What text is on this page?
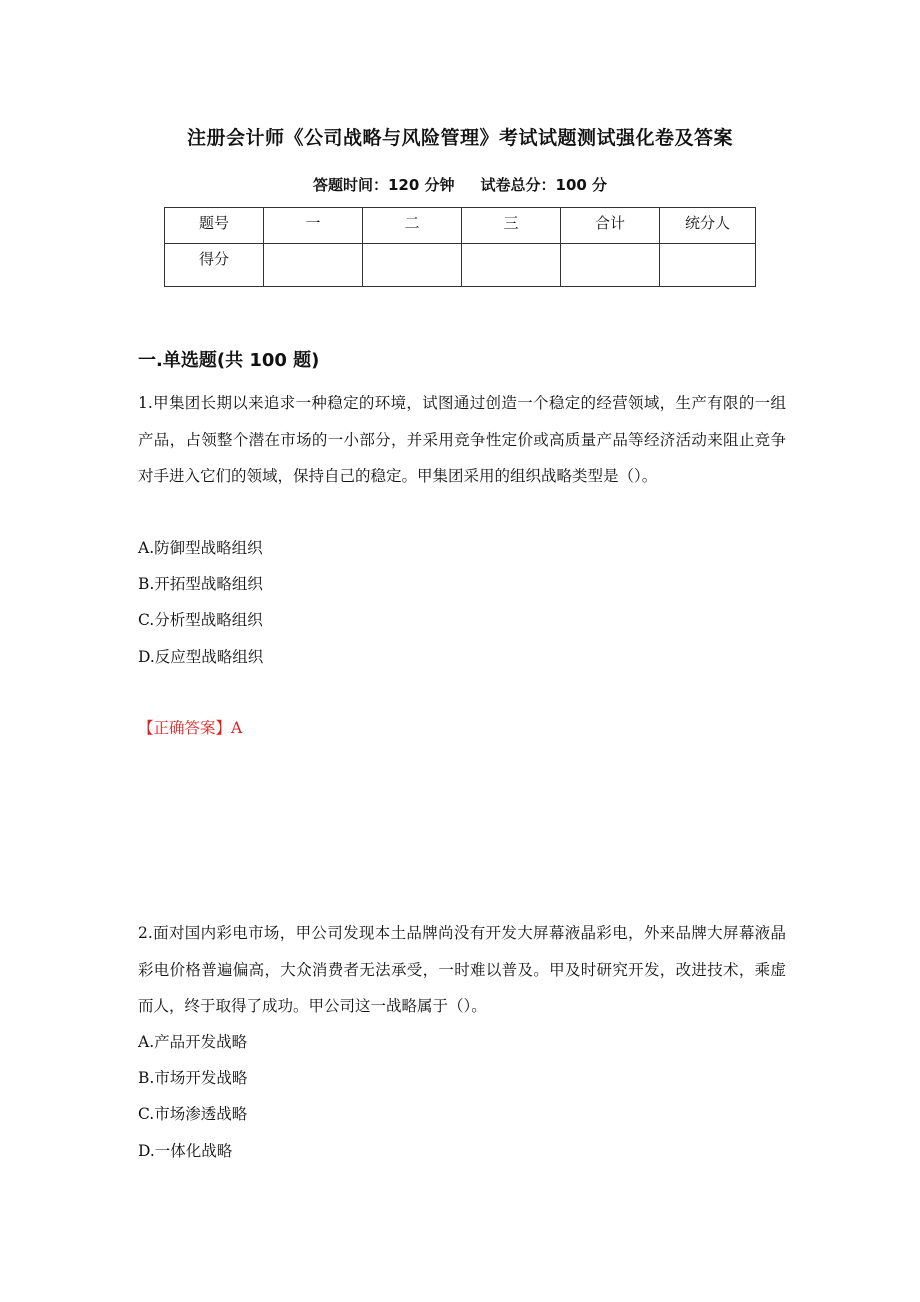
注册会计师《公司战略与风险管理》考试试题测试强化卷及答案
答题时间：120 分钟 试卷总分：100 分
题号	一	二	三	合计	统分人
得分					
一.单选题(共 100 题)
1.甲集团长期以来追求一种稳定的环境，试图通过创造一个稳定的经营领域，生产有限的一组产品，占领整个潜在市场的一小部分，并采用竞争性定价或高质量产品等经济活动来阻止竞争对手进入它们的领域，保持自己的稳定。甲集团采用的组织战略类型是（）。
A.防御型战略组织
B.开拓型战略组织
C.分析型战略组织
D.反应型战略组织
【正确答案】A
2.面对国内彩电市场，甲公司发现本土品牌尚没有开发大屏幕液晶彩电，外来品牌大屏幕液晶彩电价格普遍偏高，大众消费者无法承受，一时难以普及。甲及时研究开发，改进技术，乘虚而人，终于取得了成功。甲公司这一战略属于（）。
A.产品开发战略
B.市场开发战略
C.市场渗透战略
D.一体化战略
